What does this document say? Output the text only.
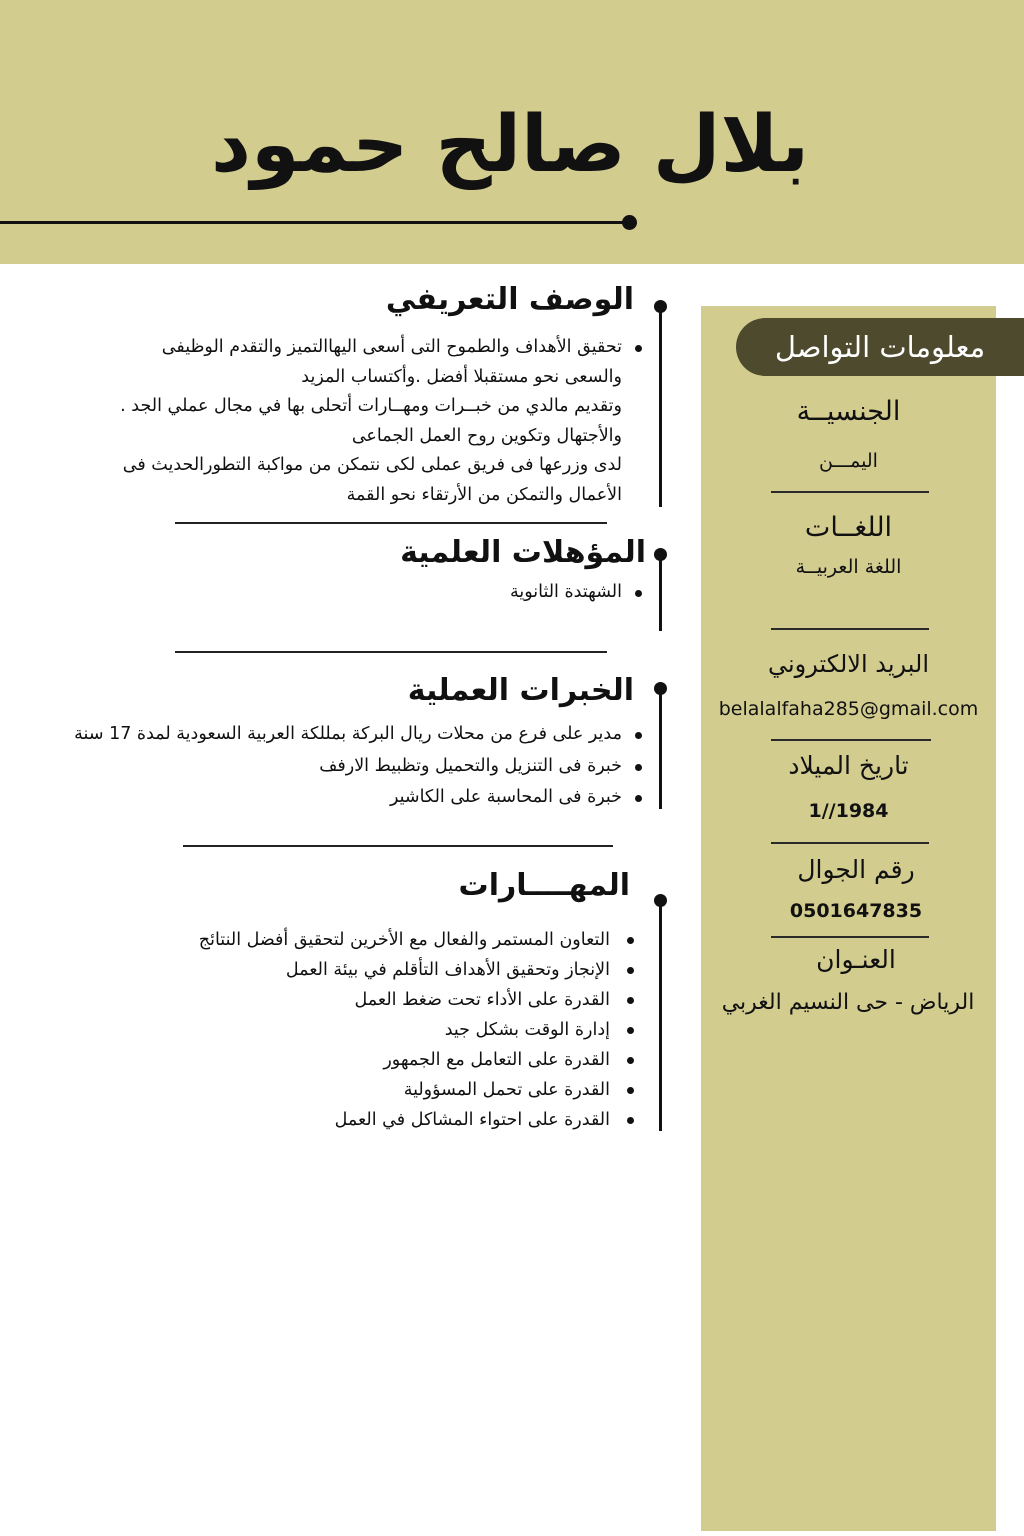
بلال صالح حمود
معلومات التواصل
الجنسيــة
اليمـــن
اللغــات
اللغة العربيــة
البريد الالكتروني
belalalfaha285@gmail.com
تاريخ الميلاد
1//1984
رقم الجوال
0501647835
العنـوان
الرياض - حى النسيم الغربي
الوصف التعريفي
تحقيق الأهداف والطموح التى أسعى اليهاالتميز والتقدم الوظيفى
والسعى نحو مستقبلا أفضل .وأكتساب المزيد
وتقديم مالدي من خبــرات ومهــارات أتحلى بها في مجال عملي الجد .
والأجتهال وتكوين روح العمل الجماعى
لدى وزرعها فى فريق عملى لكى نتمكن من مواكبة التطورالحديث فى
الأعمال والتمكن من الأرتقاء نحو القمة
المؤهلات العلمية
الشهتدة الثانوية
الخبرات العملية
مدير على فرع من محلات ريال البركة بمللكة العربية السعودية لمدة 17 سنة
خبرة فى التنزيل والتحميل وتظبيط الارفف
خبرة فى المحاسبة على الكاشير
المهــــارات
التعاون المستمر والفعال مع الأخرين لتحقيق أفضل النتائج
الإنجاز وتحقيق الأهداف التأقلم في بيئة العمل
القدرة على الأداء تحت ضغط العمل
إدارة الوقت بشكل جيد
القدرة على التعامل مع الجمهور
القدرة على تحمل المسؤولية
القدرة على احتواء المشاكل في العمل
